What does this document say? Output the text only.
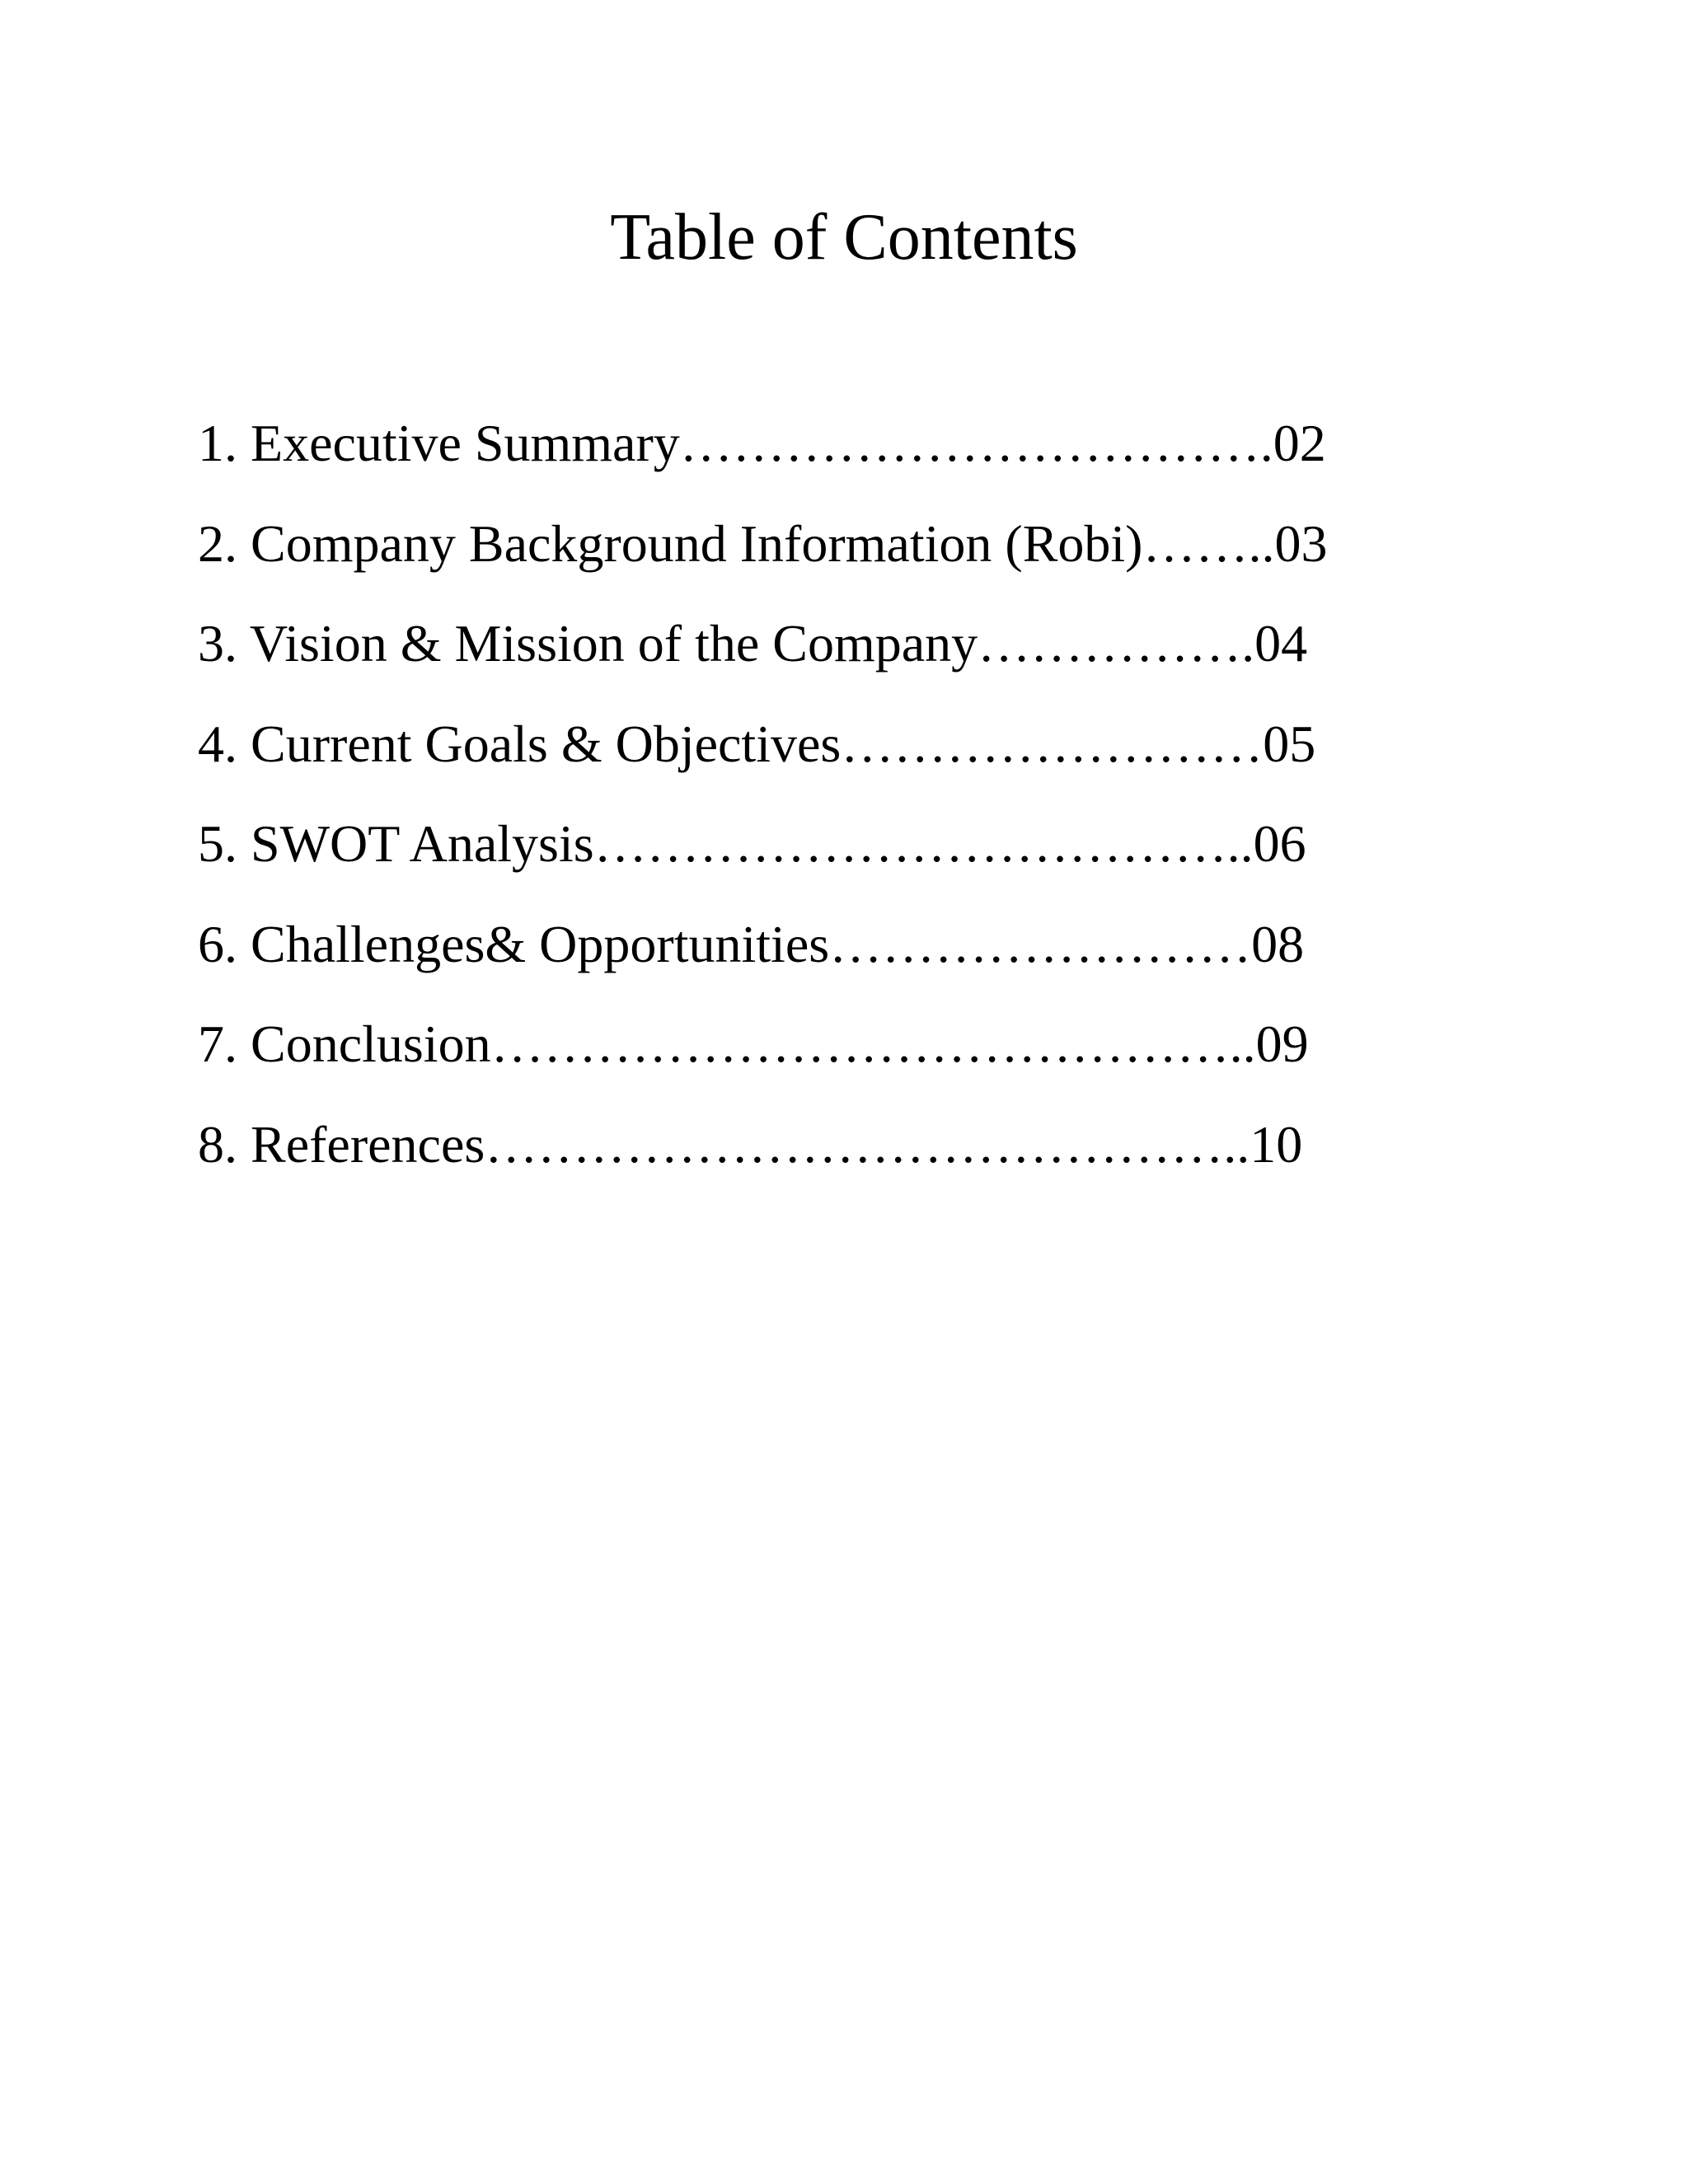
Table of Contents
1. Executive Summary…………………………….02
2. Company Background Information (Robi)……..03
3. Vision & Mission of the Company…………….04
4. Current Goals & Objectives……………………05
5. SWOT Analysis………………………………..06
6. Challenges& Opportunities……………………08
7. Conclusion……………………………………..09
8. References……………………………………..10
